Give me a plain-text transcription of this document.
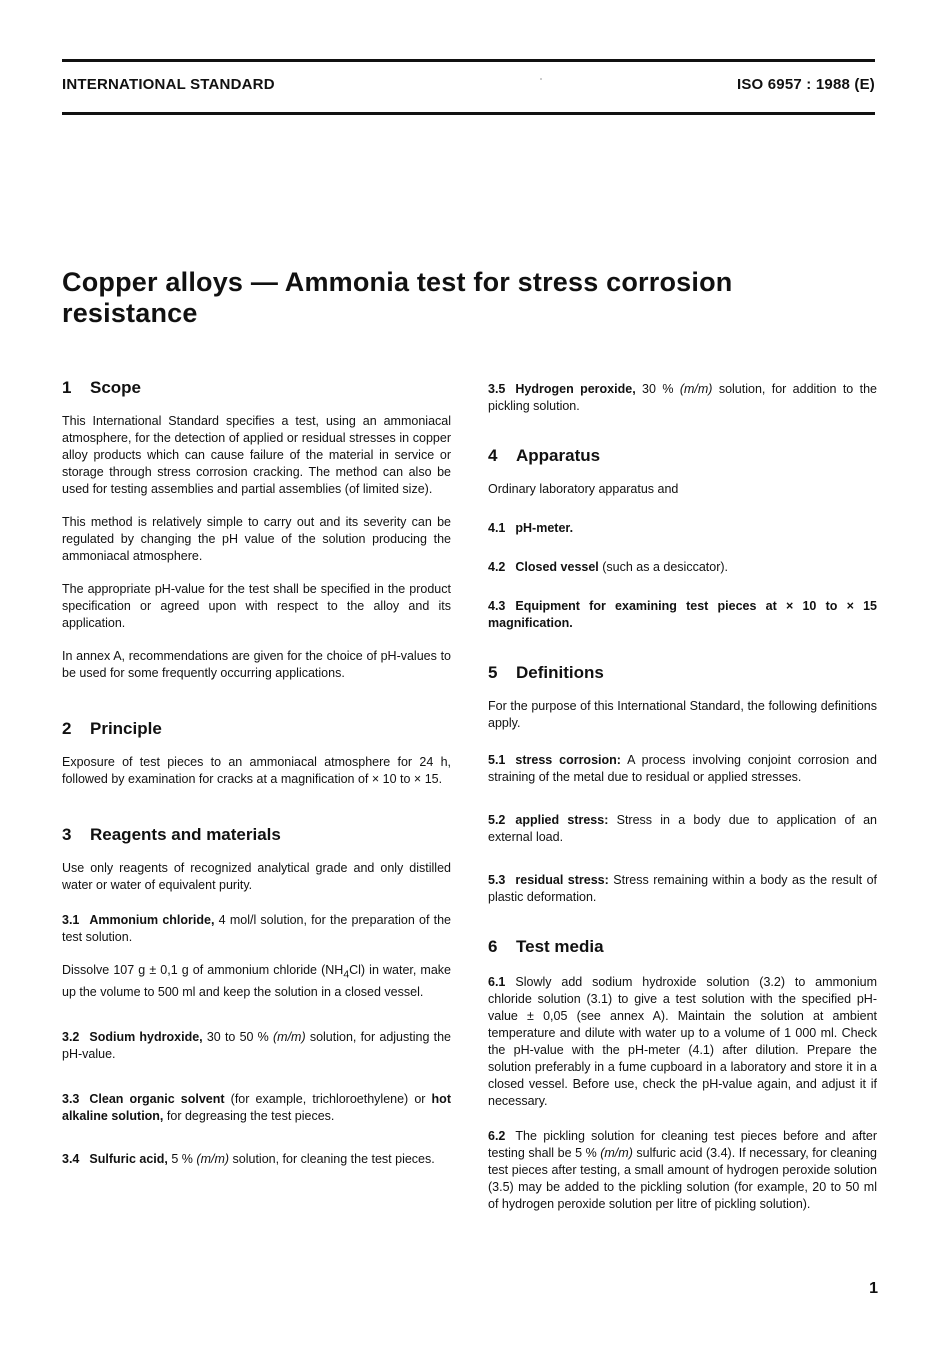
INTERNATIONAL STANDARD	ISO 6957 : 1988 (E)
Copper alloys — Ammonia test for stress corrosion resistance
1 Scope

This International Standard specifies a test, using an ammoniacal atmosphere, for the detection of applied or residual stresses in copper alloy products which can cause failure of the material in service or storage through stress corrosion cracking. The method can also be used for testing assemblies and partial assemblies (of limited size).

This method is relatively simple to carry out and its severity can be regulated by changing the pH value of the solution producing the ammoniacal atmosphere.

The appropriate pH-value for the test shall be specified in the product specification or agreed upon with respect to the alloy and its application.

In annex A, recommendations are given for the choice of pH-values to be used for some frequently occurring applications.

2 Principle

Exposure of test pieces to an ammoniacal atmosphere for 24 h, followed by examination for cracks at a magnification of × 10 to × 15.

3 Reagents and materials

Use only reagents of recognized analytical grade and only distilled water or water of equivalent purity.

3.1 Ammonium chloride, 4 mol/l solution, for the preparation of the test solution.

Dissolve 107 g ± 0,1 g of ammonium chloride $(NH_4Cl)$ in water, make up the volume to 500 ml and keep the solution in a closed vessel.

3.2 Sodium hydroxide, 30 to 50 % (m/m) solution, for adjusting the pH-value.

3.3 Clean organic solvent (for example, trichloroethylene) or hot alkaline solution, for degreasing the test pieces.

3.4 Sulfuric acid, 5 % (m/m) solution, for cleaning the test pieces.

3.5 Hydrogen peroxide, 30 % (m/m) solution, for addition to the pickling solution.

4 Apparatus

Ordinary laboratory apparatus and

4.1 pH-meter.

4.2 Closed vessel (such as a desiccator).

4.3 Equipment for examining test pieces at × 10 to × 15 magnification.

5 Definitions

For the purpose of this International Standard, the following definitions apply.

5.1 stress corrosion: A process involving conjoint corrosion and straining of the metal due to residual or applied stresses.

5.2 applied stress: Stress in a body due to application of an external load.

5.3 residual stress: Stress remaining within a body as the result of plastic deformation.

6 Test media

6.1 Slowly add sodium hydroxide solution (3.2) to ammonium chloride solution (3.1) to give a test solution with the specified pH-value ± 0,05 (see annex A). Maintain the solution at ambient temperature and dilute with water up to a volume of 1 000 ml. Check the pH-value with the pH-meter (4.1) after dilution. Prepare the solution preferably in a fume cupboard in a laboratory and store it in a closed vessel. Before use, check the pH-value again, and adjust it if necessary.

6.2 The pickling solution for cleaning test pieces before and after testing shall be 5 % (m/m) sulfuric acid (3.4). If necessary, for cleaning test pieces after testing, a small amount of hydrogen peroxide solution (3.5) may be added to the pickling solution (for example, 20 to 50 ml of hydrogen peroxide solution per litre of pickling solution).

1
